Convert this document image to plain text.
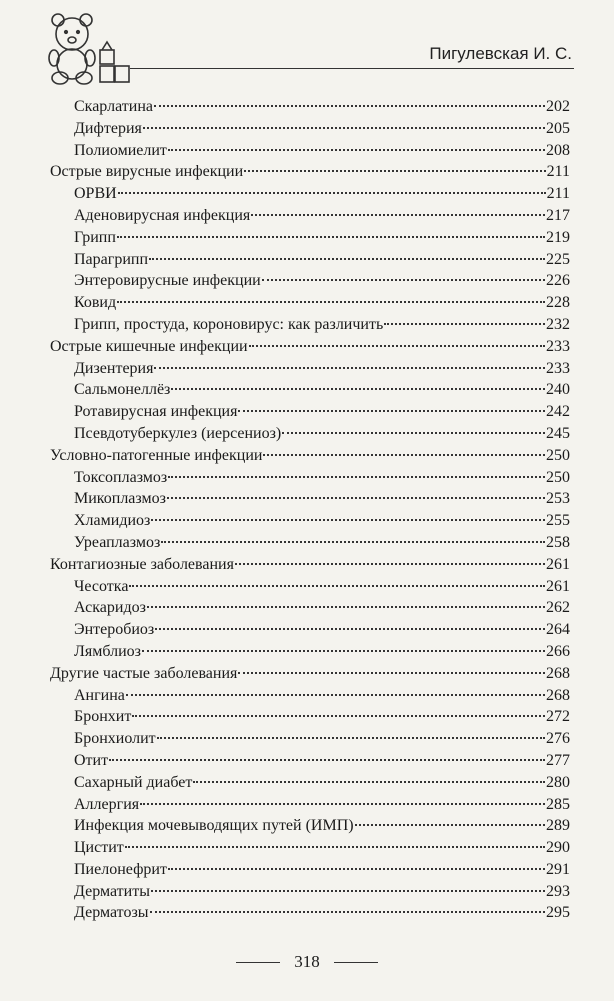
Пигулевская И. С.
Скарлатина	202
Дифтерия	205
Полиомиелит	208
Острые вирусные инфекции	211
ОРВИ	211
Аденовирусная инфекция	217
Грипп	219
Парагрипп	225
Энтеровирусные инфекции	226
Ковид	228
Грипп, простуда, короновирус: как различить	232
Острые кишечные инфекции	233
Дизентерия	233
Сальмонеллёз	240
Ротавирусная инфекция	242
Псевдотуберкулез (иерсениоз)	245
Условно-патогенные инфекции	250
Токсоплазмоз	250
Микоплазмоз	253
Хламидиоз	255
Уреаплазмоз	258
Контагиозные заболевания	261
Чесотка	261
Аскаридоз	262
Энтеробиоз	264
Лямблиоз	266
Другие частые заболевания	268
Ангина	268
Бронхит	272
Бронхиолит	276
Отит	277
Сахарный диабет	280
Аллергия	285
Инфекция мочевыводящих путей (ИМП)	289
Цистит	290
Пиелонефрит	291
Дерматиты	293
Дерматозы	295
318
